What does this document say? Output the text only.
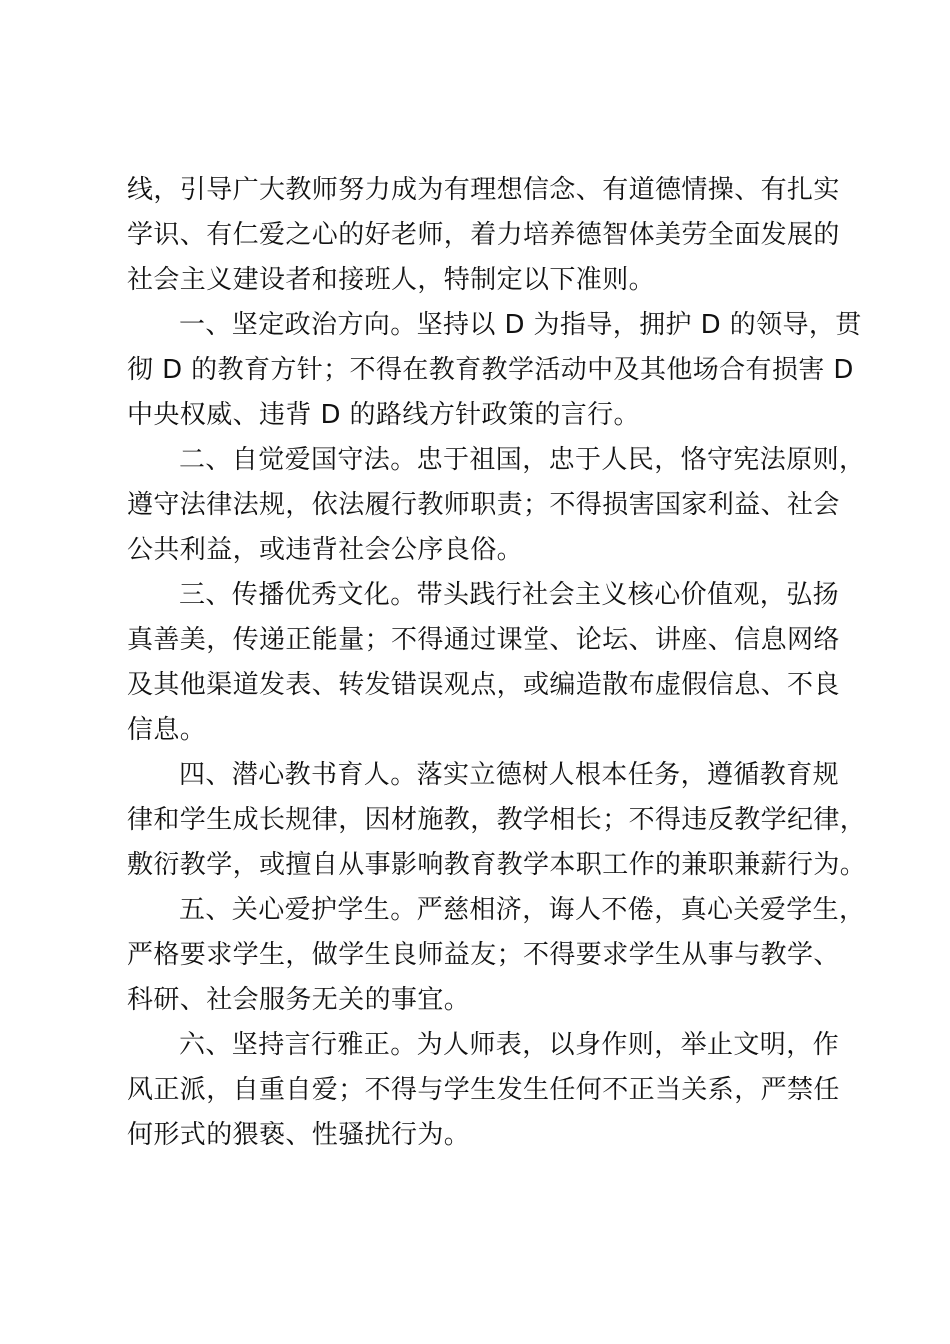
线，引导广大教师努力成为有理想信念、有道德情操、有扎实
学识、有仁爱之心的好老师，着力培养德智体美劳全面发展的
社会主义建设者和接班人，特制定以下准则。

一、坚定政治方向。坚持以 D 为指导，拥护 D 的领导，贯
彻 D 的教育方针；不得在教育教学活动中及其他场合有损害 D
中央权威、违背 D 的路线方针政策的言行。

二、自觉爱国守法。忠于祖国，忠于人民，恪守宪法原则，
遵守法律法规，依法履行教师职责；不得损害国家利益、社会
公共利益，或违背社会公序良俗。

三、传播优秀文化。带头践行社会主义核心价值观，弘扬
真善美，传递正能量；不得通过课堂、论坛、讲座、信息网络
及其他渠道发表、转发错误观点，或编造散布虚假信息、不良
信息。

四、潜心教书育人。落实立德树人根本任务，遵循教育规
律和学生成长规律，因材施教，教学相长；不得违反教学纪律，
敷衍教学，或擅自从事影响教育教学本职工作的兼职兼薪行为。

五、关心爱护学生。严慈相济，诲人不倦，真心关爱学生，
严格要求学生，做学生良师益友；不得要求学生从事与教学、
科研、社会服务无关的事宜。

六、坚持言行雅正。为人师表，以身作则，举止文明，作
风正派，自重自爱；不得与学生发生任何不正当关系，严禁任
何形式的猥亵、性骚扰行为。
